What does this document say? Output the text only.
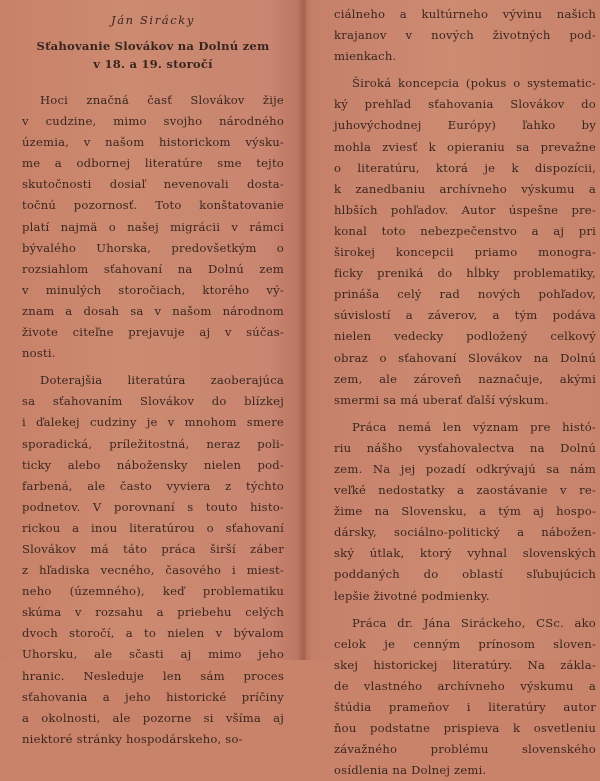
Ján Sirácky
Sťahovanie Slovákov na Dolnú zem
v 18. a 19. storočí
Hoci značná časť Slovákov žije
v cudzine, mimo svojho národného
územia, v našom historickom výsku-
me a odbornej literatúre sme tejto
skutočnosti dosiaľ nevenovali dosta-
točnú pozornosť. Toto konštatovanie
platí najmä o našej migrácii v rámci
bývalého Uhorska, predovšetkým o
rozsiahlom sťahovaní na Dolnú zem
v minulých storočiach, ktorého vý-
znam a dosah sa v našom národnom
živote citeľne prejavuje aj v súčas-
nosti.
Doterajšia literatúra zaoberajúca
sa sťahovaním Slovákov do blízkej
i ďalekej cudziny je v mnohom smere
sporadická, príležitostná, neraz poli-
ticky alebo nábožensky nielen pod-
farbená, ale často vyviera z týchto
podnetov. V porovnaní s touto histo-
rickou a inou literatúrou o sťahovaní
Slovákov má táto práca širší záber
z hľadiska vecného, časového i miest-
neho (územného), keď problematiku
skúma v rozsahu a priebehu celých
dvoch storočí, a to nielen v bývalom
Uhorsku, ale sčasti aj mimo jeho
hranic. Nesleduje len sám proces
sťahovania a jeho historické príčiny
a okolnosti, ale pozorne si všíma aj
niektoré stránky hospodárskeho, so-
ciálneho a kultúrneho vývinu našich
krajanov v nových životných pod-
mienkach.
Široká koncepcia (pokus o systematic-
ký prehľad sťahovania Slovákov do
juhovýchodnej Európy) ľahko by
mohla zviesť k opieraniu sa prevažne
o literatúru, ktorá je k dispozícii,
k zanedbaniu archívneho výskumu a
hlbších pohľadov. Autor úspešne pre-
konal toto nebezpečenstvo a aj pri
širokej koncepcii priamo monogra-
ficky preniká do hĺbky problematiky,
prináša celý rad nových pohľadov,
súvislostí a záverov, a tým podáva
nielen vedecky podložený celkový
obraz o sťahovaní Slovákov na Dolnú
zem, ale zároveň naznačuje, akými
smermi sa má uberať ďalší výskum.
Práca nemá len význam pre histó-
riu nášho vysťahovalectva na Dolnú
zem. Na jej pozadí odkrývajú sa nám
veľké nedostatky a zaostávanie v re-
žime na Slovensku, a tým aj hospo-
dársky, sociálno-politický a nábožen-
ský útlak, ktorý vyhnal slovenských
poddaných do oblastí sľubujúcich
lepšie životné podmienky.
Práca dr. Jána Siráckeho, CSc. ako
celok je cenným prínosom sloven-
skej historickej literatúry. Na zákla-
de vlastného archívneho výskumu a
štúdia prameňov i literatúry autor
ňou podstatne prispieva k osvetleniu
závažného problému slovenského
osídlenia na Dolnej zemi.
